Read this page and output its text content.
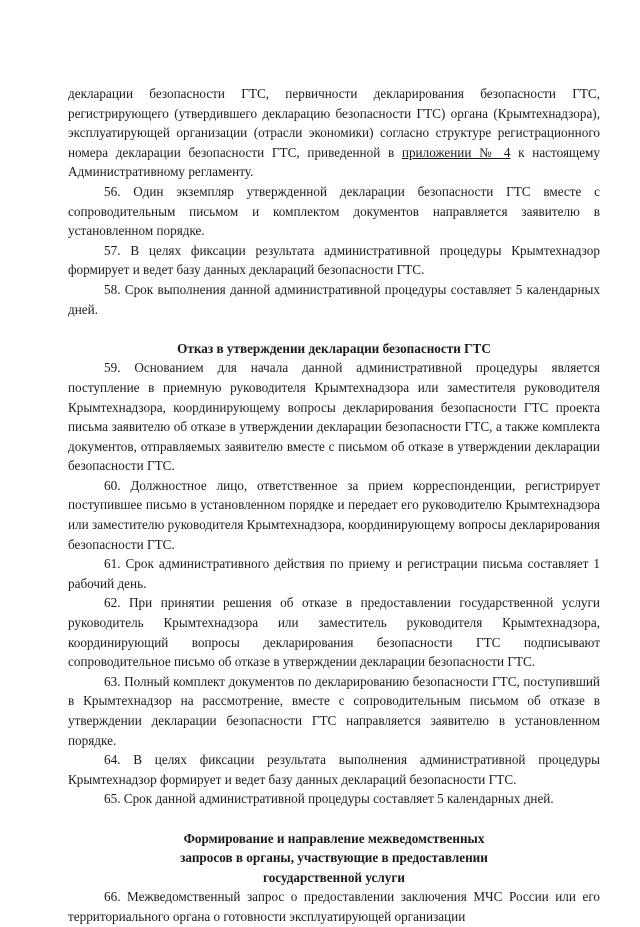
декларации безопасности ГТС, первичности декларирования безопасности ГТС, регистрирующего (утвердившего декларацию безопасности ГТС) органа (Крымтехнадзора), эксплуатирующей организации (отрасли экономики) согласно структуре регистрационного номера декларации безопасности ГТС, приведенной в приложении № 4 к настоящему Административному регламенту.

56. Один экземпляр утвержденной декларации безопасности ГТС вместе с сопроводительным письмом и комплектом документов направляется заявителю в установленном порядке.

57. В целях фиксации результата административной процедуры Крымтехнадзор формирует и ведет базу данных деклараций безопасности ГТС.

58. Срок выполнения данной административной процедуры составляет 5 календарных дней.

Отказ в утверждении декларации безопасности ГТС

59. Основанием для начала данной административной процедуры является поступление в приемную руководителя Крымтехнадзора или заместителя руководителя Крымтехнадзора, координирующему вопросы декларирования безопасности ГТС проекта письма заявителю об отказе в утверждении декларации безопасности ГТС, а также комплекта документов, отправляемых заявителю вместе с письмом об отказе в утверждении декларации безопасности ГТС.

60. Должностное лицо, ответственное за прием корреспонденции, регистрирует поступившее письмо в установленном порядке и передает его руководителю Крымтехнадзора или заместителю руководителя Крымтехнадзора, координирующему вопросы декларирования безопасности ГТС.

61. Срок административного действия по приему и регистрации письма составляет 1 рабочий день.

62. При принятии решения об отказе в предоставлении государственной услуги руководитель Крымтехнадзора или заместитель руководителя Крымтехнадзора, координирующий вопросы декларирования безопасности ГТС подписывают сопроводительное письмо об отказе в утверждении декларации безопасности ГТС.

63. Полный комплект документов по декларированию безопасности ГТС, поступивший в Крымтехнадзор на рассмотрение, вместе с сопроводительным письмом об отказе в утверждении декларации безопасности ГТС направляется заявителю в установленном порядке.

64. В целях фиксации результата выполнения административной процедуры Крымтехнадзор формирует и ведет базу данных деклараций безопасности ГТС.

65. Срок данной административной процедуры составляет 5 календарных дней.

Формирование и направление межведомственных
запросов в органы, участвующие в предоставлении
государственной услуги

66. Межведомственный запрос о предоставлении заключения МЧС России или его территориального органа о готовности эксплуатирующей организации
